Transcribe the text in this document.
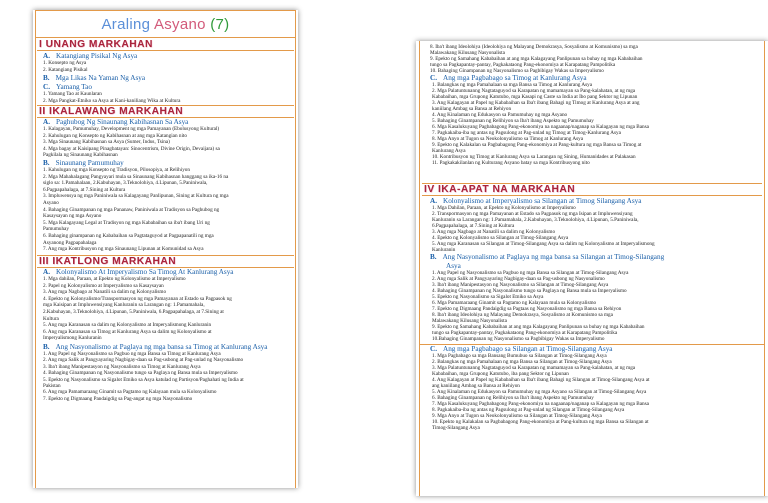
Araling Asyano (7)
I UNANG MARKAHAN
A. Katangiang Pisikal Ng Asya
1. Konsepto ng Asya
2. Katangiang Pisikal
B. Mga Likas Na Yaman Ng Asya
C. Yamang Tao
1. Yamang Tao at Kaunlaran
2. Mga Pangkat-Etniko sa Asya at Kani-kaniliang Wika at Kultura
II IKALAWANG MARKAHAN
A. Paghubog Ng Sinaunang Kabihasnan Sa Asya
1. Kalagayan, Pamumuhay, Development ng mga Pamayanan (Ebolusyong Kultural)
2. Kahulugan ng Konsepto ng Kabihasnan at ang mga Katangian nito
3. Mga Sinaunang Kabihasnan sa Asya (Sumer, Indus, Tsina)
4. Mga bagay at Kaisipang Pinagbatayan: Sinocentrism, Divine Origin, Devaijara) sa
Pagkilala ng Sinaunang Kabihasnan
B. Sinaunang Pamumuhay
1. Kahulugan ng mga Konsepto ng Tradisyon, Pilosopiya, at Relihiyon
2. Mga Mahahalagang Pangyayari mula sa Sinaunang Kabihasnan hanggang sa ika-16 na
siglo sa: 1.Pamahalaan, 2.Kabuhayan, 3.Teknolohiya, 4.Lipunan, 5.Paniniwala,
6.Pagpapahalaga, at 7.Sining at Kultura
3. Impluwensya ng mga Paniniwala sa Kalagayang Panlipunan, Sining at Kultura ng mga
Asyano
4. Bahaging Ginampanan ng mga Pananaw, Paniniwala at Tradisyon sa Paghubog ng
Kasaysayan ng mga Asyano
5. Mga Kalagayang Legal at Tradisyon ng mga Kababaihan sa iba't ibang Uri ng
Pamumuhay
6. Bahaging ginampanan ng Kababaihan sa Pagtataguyod at Pagpapanatili ng mga
Asyanong Pagpapahalaga
7. Ang mga Kontribusyon ng mga Sinaunang Lipunan at Komunidad sa Asya
III IKATLONG MARKAHAN
A. Kolonyalismo At Imperyalismo Sa Timog At Kanlurang Asya
1. Mga dahilan, Paraan, at Epekto ng Kolonyalismo at Imperyalismo
2. Papel ng Kolonyalismo at Imperyalismo sa Kasaysayan
3. Ang mga Nagbago at Nanatili sa dalim ng Kolonyalismo
4. Epekto ng Kolonyalismo/Transpormasyon ng mga Pamayanan at Estado sa Pagpasok ng
mga Kaisipan at Impluwensiyang Kanluranin sa Larangan ng: 1.Pamamahala,
2.Kabuhayan, 3.Teknolohiya, 4.Lipunan, 5.Paniniwala, 6.Pagpapahalaga, at 7.Sining at
Kultura
5. Ang mga Karanasan sa dalim ng Kolonyalismo at Imperyalismong Kanluranin
6. Ang mga Karanasan sa Timog at Kanlurang Asya sa dalim ng Kolonyalismo at
Imperyalismong Kanluranin
B. Ang Nasyonalismo at Paglaya ng mga bansa sa Timog at Kanlurang Asya
1. Ang Papel ng Nasyonalismo sa Pagbuo ng mga Bansa sa Timog at Kanlurang Asya
2. Ang mga Salik at Pangyayaring Nagbigay-daan sa Pag-usbong at Pag-unlad ng Nasyonalismo
3. Iba't ibang Manipestasyon ng Nasyonalismo sa Timog at Kanlurang Asya
4. Bahaging Ginampanan ng Nasyonalismo tungo sa Paglaya ng Bansa mula sa Imperyalismo
5. Epekto ng Nasyonalismo sa Sigalot Etniko sa Asya katulad ng Partisyon/Paghahati ng India at
Pakistan
6. Ang mga Pamamaraang Ginamit sa Pagtamo ng Kalayaan mula sa Kolonyalismo
7. Epekto ng Digmaang Pandaigdig sa Pag-angat ng mga Nasyonalismo
8. Iba't ibang Ideolohiya (Ideolohiya ng Malayang Demokrasya, Sosyalismo at Komunismo) sa mga
Malawakang Kilusang Nasyonalista
9. Epekto ng Samahang Kababaihan at ang mga Kalagayang Panlipunan sa buhay ng mga Kababaihan
tungo sa Pagkapantay-pantay, Pagkakataong Pang-ekonomiya at Karapatang Pampolitika
10. Bahaging Ginampanan ng Nasyonalismo sa Pagbibigay Wakas sa Imperyalismo
C. Ang mga Pagbabago sa Timog at Kanlurang Asya
1. Balangkas ng mga Pamahalaan sa mga Bansa sa Timog at Kanlurang Asya
2. Mga Palatuntunanng Nagtataguyod sa Karapatan ng mamamayan sa Pang-kalahatan, at ng mga
Kababaihan, mga Grupong Katutubo, mga Kasapi ng Caste sa India at Ibo pang Sektor ng Lipunan
3. Ang Kalagayan at Papel ng Kababaihan sa Iba't ibang Bahagi ng Timog at Kanlurang Asya at ang
kaniilang Ambag sa Bansa at Rehiyon
4. Ang Kinalaman ng Edukasyon sa Pamumuhay ng mga Asyano
5. Bahaging Ginampanan ng Relihiyon sa Iba't ibang Aspekto ng Pamumuhay
6. Mga Kasalukuyang Pagbabagong Pang-ekonomiya na nagaanap/naganap sa Kalagayan ng mga Bansa
7. Pagkakaiba-iba ng antas ng Pagsulong at Pag-unlad ng Timog at Timog-Kanlurang Asya
8. Mga Anyo at Tugon sa Neokolonyalismo sa Timog at Kanlurang Asya
9. Epekto ng Kalakalan sa Pagbabagong Pang-ekonomiya at Pang-kultura ng mga Bansa sa Timog at
Kanlurang Asya
10. Kontribusyon ng Timog at Kanlurang Asya sa Larangan ng Sining, Humanidades at Palakasan
11. Pagkakakilanlan ng Kulturang Asyano batay sa mga Kontribusyong nito
IV IKA-APAT NA MARKAHAN
A. Kolonyalismo at Imperyalismo sa Silangan at Timog Silangang Asya
1. Mga Dahilan, Paraan, at Epekto ng Kolonyalismo at Imperyalismo
2. Transpormasyon ng mga Pamayanan at Estado sa Pagpasok ng mga Isipan at Impluwensiyang
Kanluranin sa Larangan ng: 1.Pamamahala, 2.Kabuhayan, 3.Teknolohiya, 4.Lipunan, 5.Paniniwala,
6.Pagpapahalaga, at 7.Sining at Kultura
3. Ang mga Nagbago at Nanatili sa dalim ng Kolonyalismo
4. Epekto ng Kolonyalismo sa Silangan at Timog-Silangang Asya
5. Ang mga Karanasan sa Silangan at Timog-Silangang Asya sa dalim ng Kolonyalismo at Imperyalismong
Kanluranin
B. Ang Nasyonalismo at Paglaya ng mga bansa sa Silangan at Timog-Silangang
Asya
1. Ang Papel ng Nasyonalismo sa Pagbuo ng mga Bansa sa Silangan at Timog-Silangang Asya
2. Ang mga Salik at Pangyayaring Nagbigay-daan sa Pag-usbong ng Nasyonalismo
3. Iba't ibang Manipestasyon ng Nasyonalismo sa Silangan at Timog-Silangang Asya
4. Bahaging Ginampanan ng Nasyonalismo tungo sa Paglaya ng Bansa mula sa Imperyalismo
5. Epekto ng Nasyonalismo sa Sigalot Etniko sa Asya
6. Mga Pamamaraang Ginamit sa Pagtamo ng Kalayaan mula sa Kolonyalismo
7. Epekto ng Digmaang Pandaigdig sa Pagtaas ng Nasyonalismo ng mga Bansa sa Rehiyon
8. Iba't ibang Ideolohiya ng Malayang Demokrasya, Sosyalismo at Komunismo sa mga
Malawakang Kilusang Nasyonalista
9. Epekto ng Samahang Kababaihan at ang mga Kalagayang Panlipunan sa buhay ng mga Kababaihan
tungo sa Pagkapantay-pantay, Pagkakataong Pang-ekonomiya at Karapatang Pampolitika
10.Bahaging Ginampanan ng Nasyonalismo sa Pagbibigay Wakas sa Imperyalismo
C. Ang mga Pagbabago sa Silangan at Timog-Silangang Asya
1. Mga Pagbabago sa mga Bansang Bumubuo sa Silangan at Timog-Silangang Asya
2. Balangkas ng mga Pamahalaan ng mga Bansa sa Silangan at Timog-Silangang Asya
3. Mga Palatuntunanng Nagtataguyod sa Karapatan ng mamamayan sa Pang-kalahatan, at ng mga
Kababaihan, mga Grupong Katutubo, iba pang Sektor ng Lipunan
4. Ang Kalagayan at Papel ng Kababaihan sa Iba't ibang Bahagi ng Silangan at Timog-Silangang Asya at
ang kaniilang Ambag sa Bansa at Rehiyon
5. Ang Kinalaman ng Edukasyon sa Pamumuhay ng mga Asyano sa Silangan at Timog-Silangang Asya
6. Bahaging Ginampanan ng Relihiyon sa Iba't ibang Aspekto ng Pamumuhay
7. Mga Kasalukuyang Pagbabagong Pang-ekonomiya na nagaanap/naganap sa Kalagayan ng mga Bansa
8. Pagkakaiba-iba ng antas ng Pagsulong at Pag-unlad ng Silangan at Timog-Silangang Asya
9. Mga Anyo at Tugon sa Neokolonyalismo sa Silangan at Timog-Silangang Asya
10. Epekto ng Kalakalan sa Pagbabagong Pang-ekonomiya at Pang-kultura ng mga Bansa sa Silangan at
Timog-Silangang Asya
